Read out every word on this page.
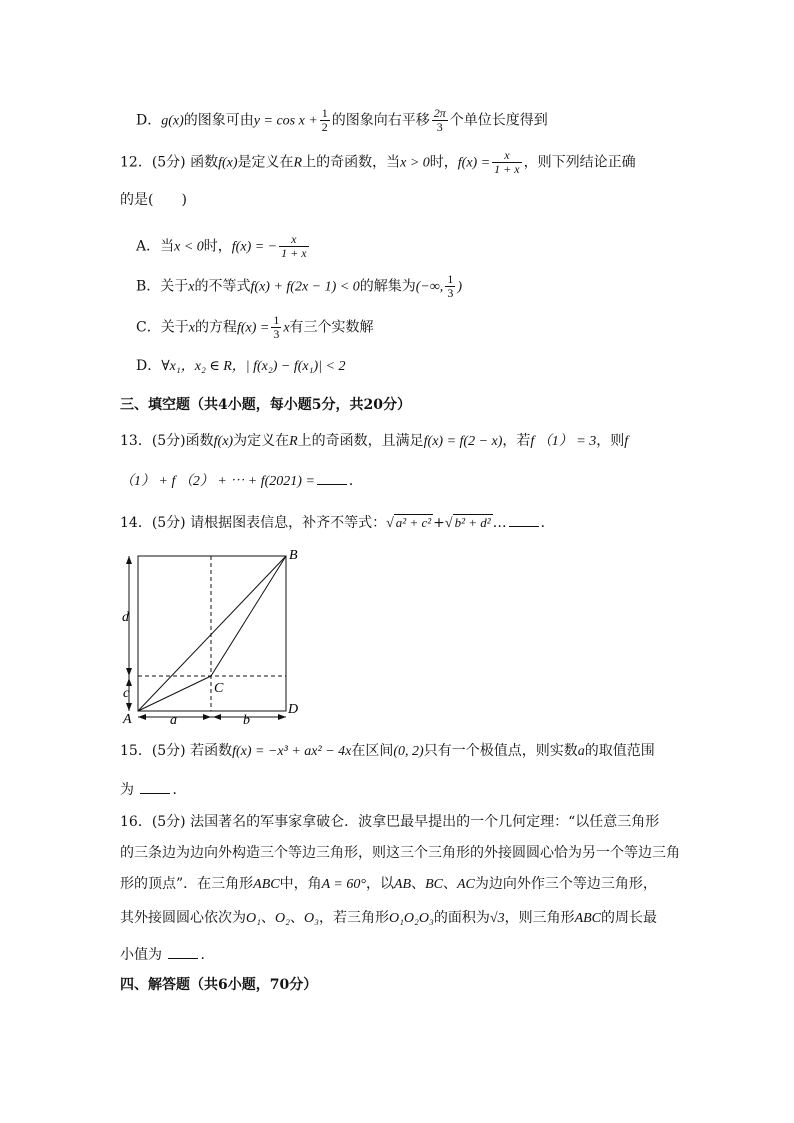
D．g(x)的图象可由$y = \cos x + \frac{1}{2}$ 的图象向右平移 $\frac{2\pi}{3}$ 个单位长度得到
12．(5分) 函数f(x)是定义在R上的奇函数，当x > 0时，$f(x) = \frac{x}{1 + x}$ ，则下列结论正确
的是(　　)
A．当x < 0时，f(x) = − $\frac{x}{1 + x}$
B．关于x的不等式f(x) + f(2x − 1) < 0的解集为(−∞, $\frac{1}{3}$ )
C．关于x的方程$f(x) = \frac{1}{3}$ x有三个实数解
D．∀x₁，x₂ ∈ R，| f(x₂) − f(x₁)| < 2
三、填空题（共4小题，每小题5分，共20分）
13．(5分)函数f(x)为定义在R上的奇函数，且满足f(x) = f(2 − x)，若f （1） = 3，则f
（1） + f （2） + ⋯ + f(2021) = ．
14．(5分) 请根据图表信息，补齐不等式：√ a² + c² +√ b² + d² … ．
B
C
D
A
d
c
a	b
15．(5分) 若函数f(x) = −x³ + ax² − 4x在区间(0, 2)只有一个极值点，则实数a的取值范围
为	．
16．(5分) 法国著名的军事家拿破仑．波拿巴最早提出的一个几何定理：“以任意三角形
的三条边为边向外构造三个等边三角形，则这三个三角形的外接圆圆心恰为另一个等边三角
形的顶点”．在三角形ABC中，角A = 60°，以AB、BC、AC为边向外作三个等边三角形，
其外接圆圆心依次为O₁、O₂、O₃，若三角形O₁O₂O₃的面积为√3，则三角形ABC的周长最
小值为	．
四、解答题（共6小题，70分）
